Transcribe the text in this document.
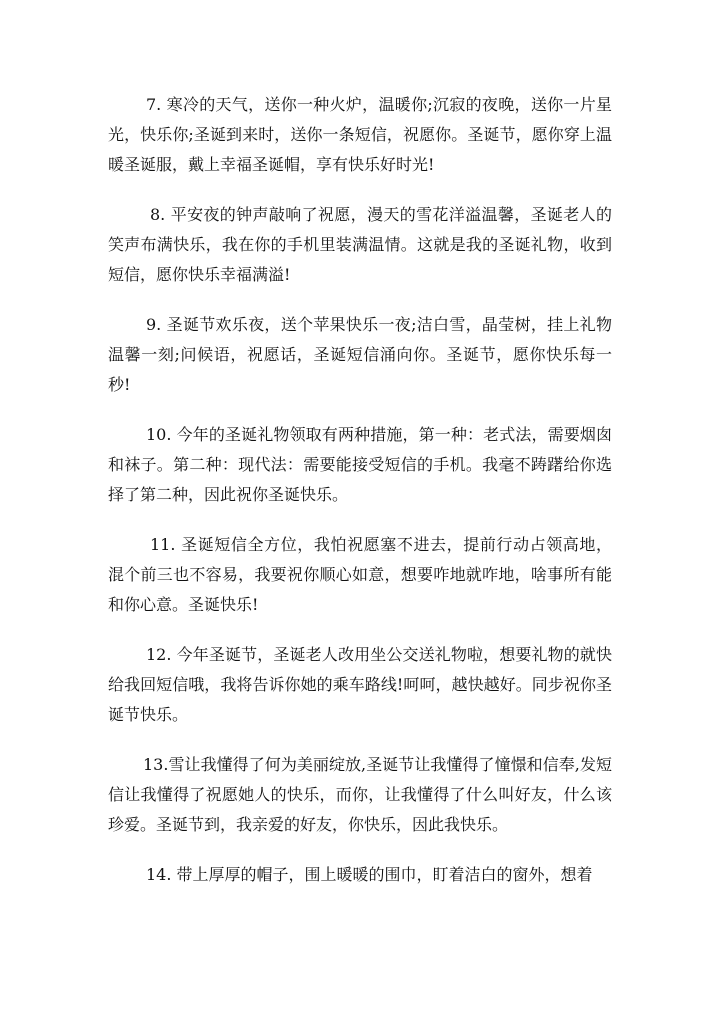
7. 寒冷的天气，送你一种火炉，温暖你;沉寂的夜晚，送你一片星光，快乐你;圣诞到来时，送你一条短信，祝愿你。圣诞节，愿你穿上温暖圣诞服，戴上幸福圣诞帽，享有快乐好时光!

8. 平安夜的钟声敲响了祝愿，漫天的雪花洋溢温馨，圣诞老人的笑声布满快乐，我在你的手机里装满温情。这就是我的圣诞礼物，收到短信，愿你快乐幸福满溢!

9. 圣诞节欢乐夜，送个苹果快乐一夜;洁白雪，晶莹树，挂上礼物温馨一刻;问候语，祝愿话，圣诞短信涌向你。圣诞节，愿你快乐每一秒!

10. 今年的圣诞礼物领取有两种措施，第一种：老式法，需要烟囱和袜子。第二种：现代法：需要能接受短信的手机。我毫不踌躇给你选择了第二种，因此祝你圣诞快乐。

11. 圣诞短信全方位，我怕祝愿塞不进去，提前行动占领高地，混个前三也不容易，我要祝你顺心如意，想要咋地就咋地，啥事所有能和你心意。圣诞快乐!

12. 今年圣诞节，圣诞老人改用坐公交送礼物啦，想要礼物的就快给我回短信哦，我将告诉你她的乘车路线!呵呵，越快越好。同步祝你圣诞节快乐。

13.雪让我懂得了何为美丽绽放,圣诞节让我懂得了憧憬和信奉,发短信让我懂得了祝愿她人的快乐，而你，让我懂得了什么叫好友，什么该珍爱。圣诞节到，我亲爱的好友，你快乐，因此我快乐。

14. 带上厚厚的帽子，围上暖暖的围巾，盯着洁白的窗外，想着
